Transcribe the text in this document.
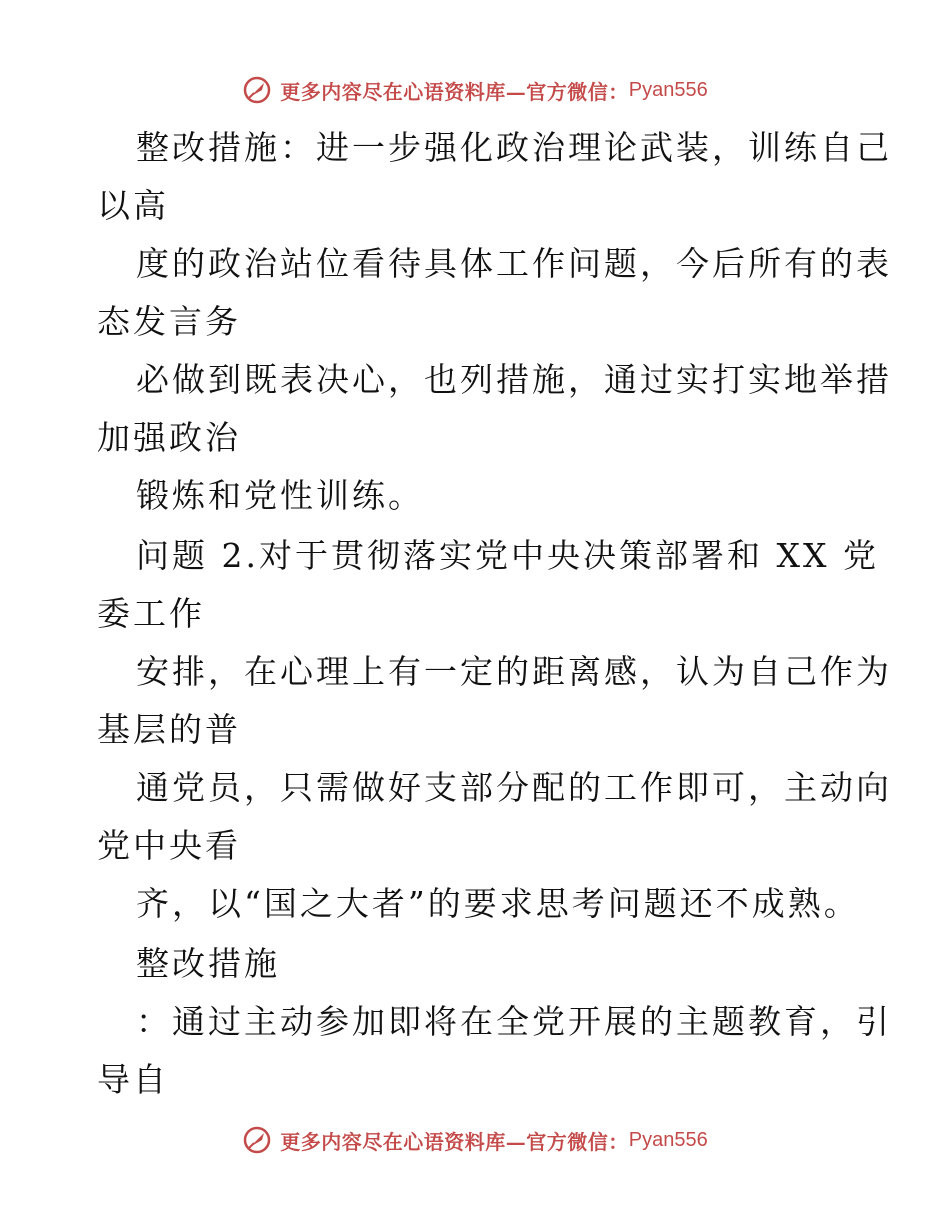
更多内容尽在心语资料库—官方微信： Pyan556
整改措施：进一步强化政治理论武装，训练自己
以高
度的政治站位看待具体工作问题，今后所有的表
态发言务
必做到既表决心，也列措施，通过实打实地举措
加强政治
锻炼和党性训练。
问题 2.对于贯彻落实党中央决策部署和 XX 党
委工作
安排，在心理上有一定的距离感，认为自己作为
基层的普
通党员，只需做好支部分配的工作即可，主动向
党中央看
齐，以“国之大者”的要求思考问题还不成熟。
整改措施
：通过主动参加即将在全党开展的主题教育，引
导自
更多内容尽在心语资料库—官方微信： Pyan556
